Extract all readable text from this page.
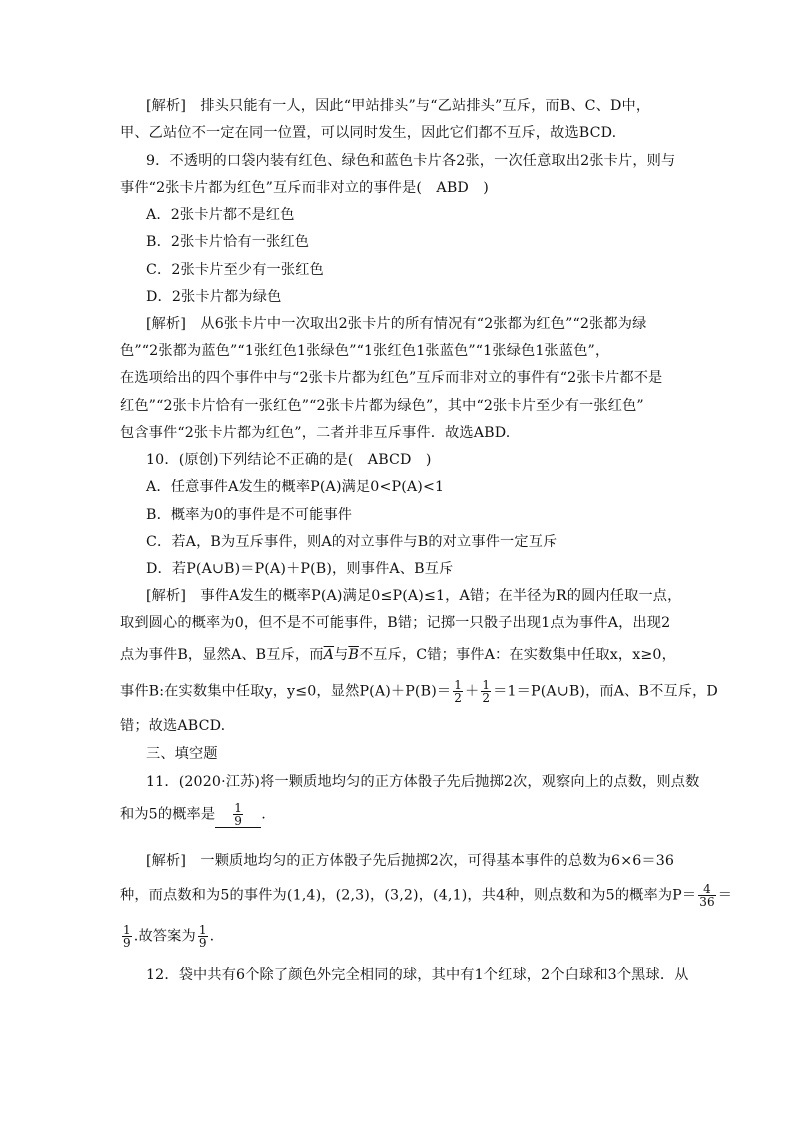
[解析]　排头只能有一人，因此“甲站排头”与“乙站排头”互斥，而B、C、D中，
甲、乙站位不一定在同一位置，可以同时发生，因此它们都不互斥，故选BCD.
9．不透明的口袋内装有红色、绿色和蓝色卡片各2张，一次任意取出2张卡片，则与
事件“2张卡片都为红色”互斥而非对立的事件是(　ABD　)
A．2张卡片都不是红色
B．2张卡片恰有一张红色
C．2张卡片至少有一张红色
D．2张卡片都为绿色
[解析]　从6张卡片中一次取出2张卡片的所有情况有“2张都为红色”“2张都为绿
色”“2张都为蓝色”“1张红色1张绿色”“1张红色1张蓝色”“1张绿色1张蓝色”，
在选项给出的四个事件中与“2张卡片都为红色”互斥而非对立的事件有“2张卡片都不是
红色”“2张卡片恰有一张红色”“2张卡片都为绿色”，其中“2张卡片至少有一张红色”
包含事件“2张卡片都为红色”，二者并非互斥事件．故选ABD.
10．(原创)下列结论不正确的是(　ABCD　)
A．任意事件A发生的概率P(A)满足0<P(A)<1
B．概率为0的事件是不可能事件
C．若A，B为互斥事件，则A的对立事件与B的对立事件一定互斥
D．若P(A∪B)＝P(A)＋P(B)，则事件A、B互斥
[解析]　事件A发生的概率P(A)满足0≤P(A)≤1，A错；在半径为R的圆内任取一点，
取到圆心的概率为0，但不是不可能事件，B错；记掷一只骰子出现1点为事件A，出现2
点为事件B，显然A、B互斥，而$\overline{A}$与$\overline{B}$不互斥，C错；事件A：在实数集中任取x，x≥0，
事件B:在实数集中任取y，y≤0，显然$P(A)+P(B)= \frac{1}{2} + \frac{1}{2}$ ＝1＝P(A∪B)，而A、B不互斥，D
错；故选ABCD.
三、填空题
11．(2020·江苏)将一颗质地均匀的正方体骰子先后抛掷2次，观察向上的点数，则点数
和为5的概率是 $\frac{1}{9}$ .
[解析]　一颗质地均匀的正方体骰子先后抛掷2次，可得基本事件的总数为6×6＝36
种，而点数和为5的事件为(1,4)，(2,3)，(3,2)，(4,1)，共4种，则点数和为5的概率为$P= \frac{4}{36}$ ＝
$\frac{1}{9}$ .故答案为 $\frac{1}{9}$ .
12．袋中共有6个除了颜色外完全相同的球，其中有1个红球，2个白球和3个黑球．从
